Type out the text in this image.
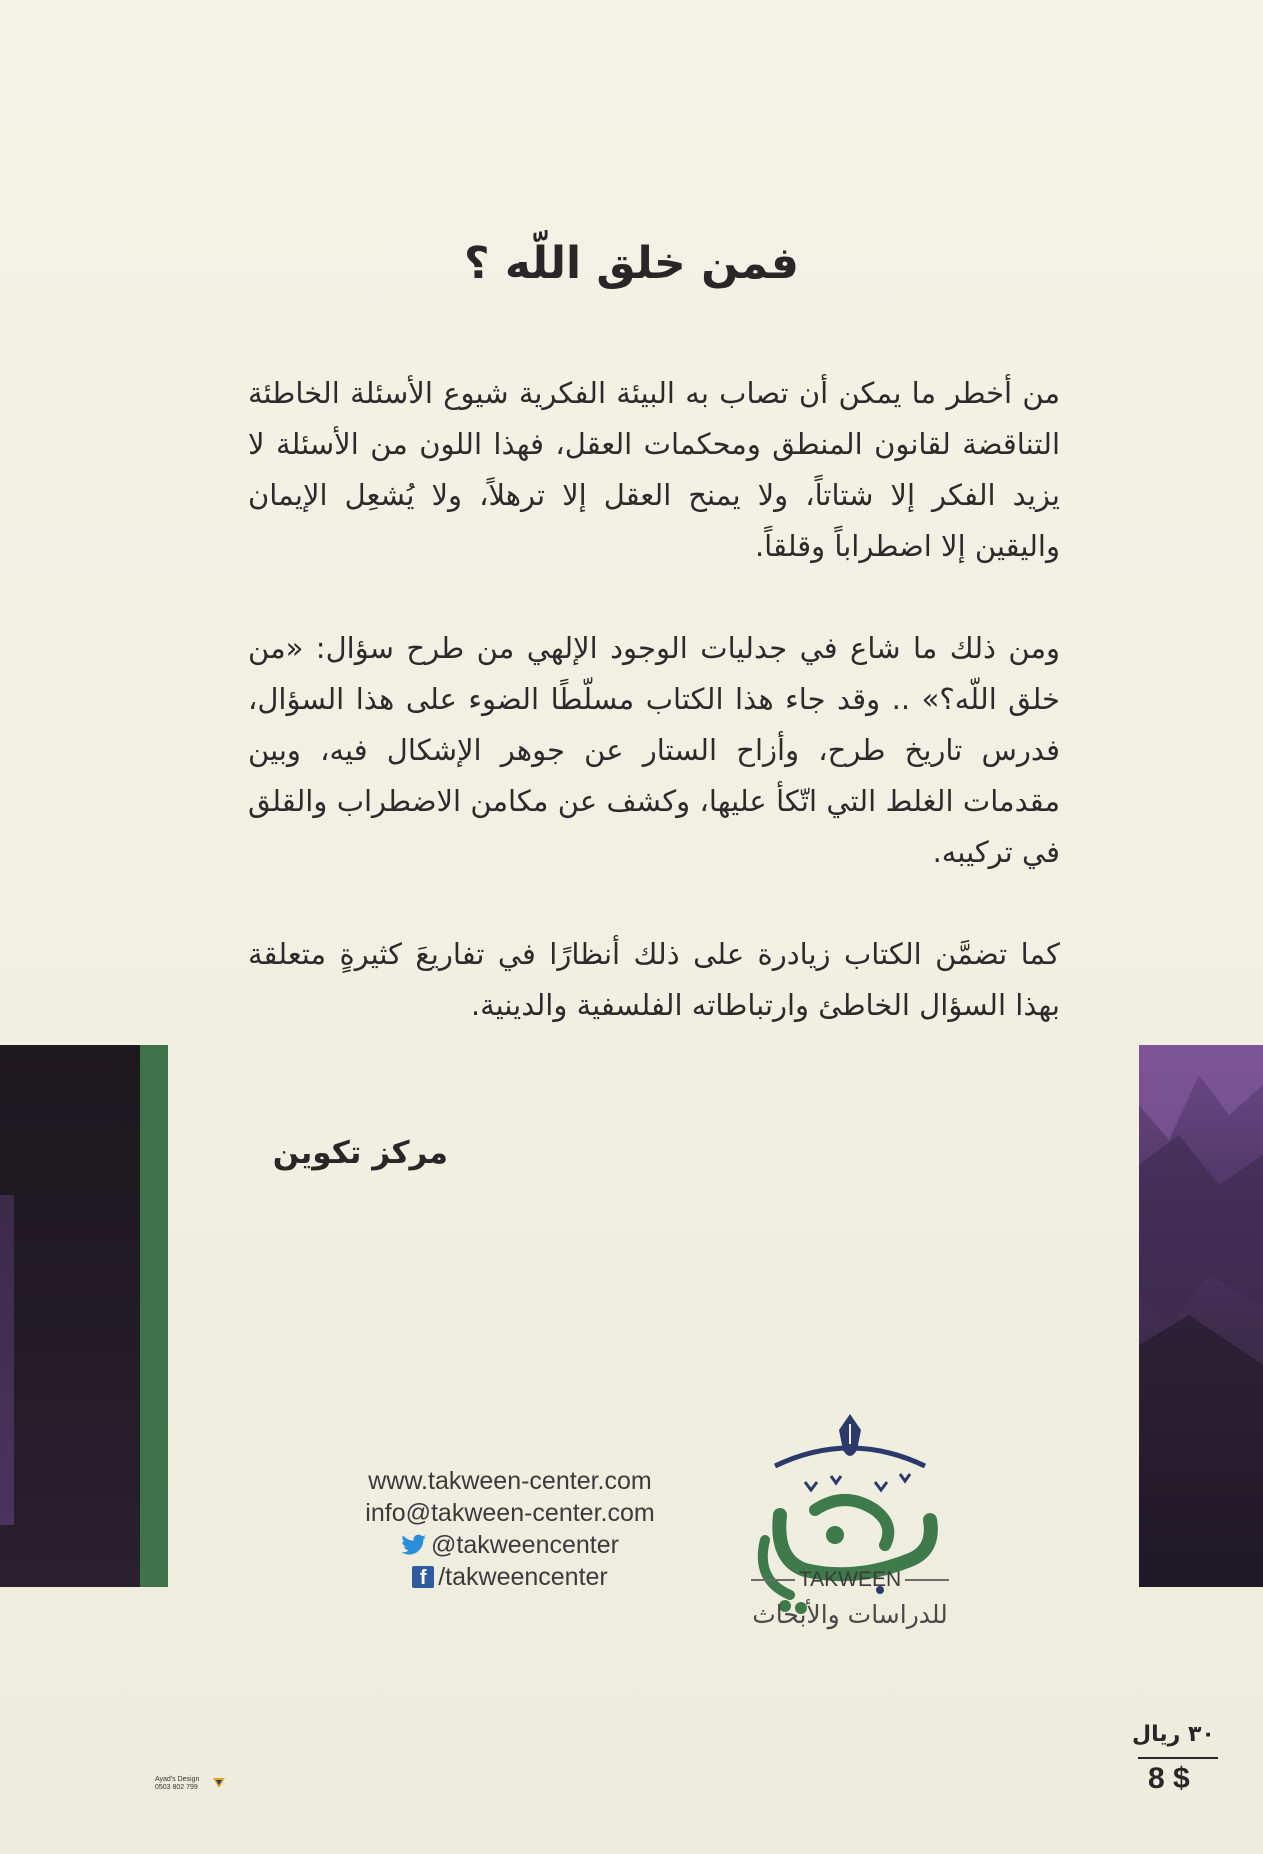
فمن خلق اللّه ؟

من أخطر ما يمكن أن تصاب به البيئة الفكرية شيوع الأسئلة الخاطئة التناقضة لقانون المنطق ومحكمات العقل، فهذا اللون من الأسئلة لا يزيد الفكر إلا شتاتاً، ولا يمنح العقل إلا ترهلاً، ولا يُشعِل الإيمان واليقين إلا اضطراباً وقلقاً.

ومن ذلك ما شاع في جدليات الوجود الإلهي من طرح سؤال: «من خلق اللّه؟» .. وقد جاء هذا الكتاب مسلّطًا الضوء على هذا السؤال، فدرس تاريخ طرح، وأزاح الستار عن جوهر الإشكال فيه، وبين مقدمات الغلط التي اتّكأ عليها، وكشف عن مكامن الاضطراب والقلق في تركيبه.

كما تضمَّن الكتاب زيادرة على ذلك أنظارًا في تفاريعَ كثيرةٍ متعلقة بهذا السؤال الخاطئ وارتباطاته الفلسفية والدينية.

مركز تكوين
www.takween-center.com
info@takween-center.com
@takweencenter
f /takweencenter	TAKWEEN
للدراسات والأبحاث
٣٠ ريال
8 $
Ayad's Design
0503 802 799
